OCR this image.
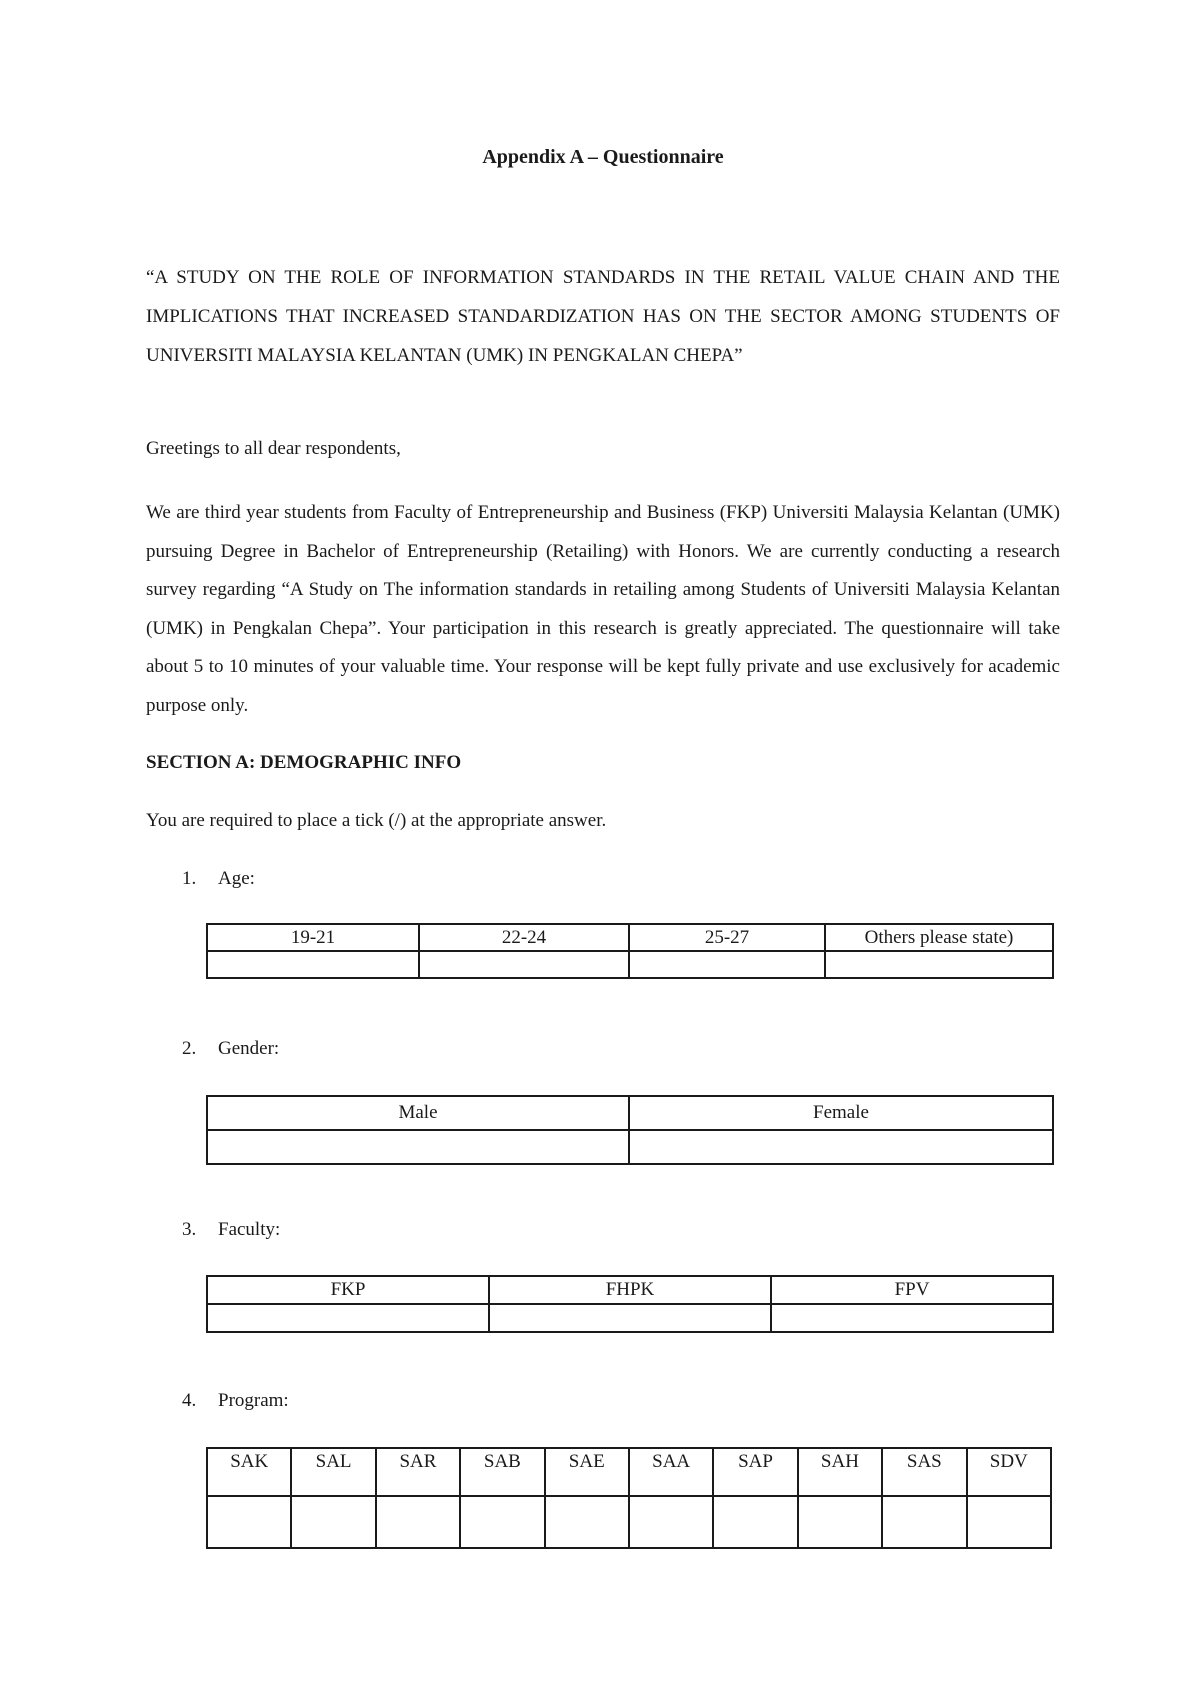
Appendix A – Questionnaire
“A STUDY ON THE ROLE OF INFORMATION STANDARDS IN THE RETAIL VALUE CHAIN AND THE IMPLICATIONS THAT INCREASED STANDARDIZATION HAS ON THE SECTOR AMONG STUDENTS OF UNIVERSITI MALAYSIA KELANTAN (UMK) IN PENGKALAN CHEPA”
Greetings to all dear respondents,
We are third year students from Faculty of Entrepreneurship and Business (FKP) Universiti Malaysia Kelantan (UMK) pursuing Degree in Bachelor of Entrepreneurship (Retailing) with Honors. We are currently conducting a research survey regarding “A Study on The information standards in retailing among Students of Universiti Malaysia Kelantan (UMK) in Pengkalan Chepa”. Your participation in this research is greatly appreciated. The questionnaire will take about 5 to 10 minutes of your valuable time. Your response will be kept fully private and use exclusively for academic purpose only.
SECTION A: DEMOGRAPHIC INFO
You are required to place a tick (/) at the appropriate answer.
1. Age:
19-21	22-24	25-27	Others please state)

2. Gender:
Male	Female

3. Faculty:
FKP	FHPK	FPV

4. Program:
SAK	SAL	SAR	SAB	SAE	SAA	SAP	SAH	SAS	SDV
